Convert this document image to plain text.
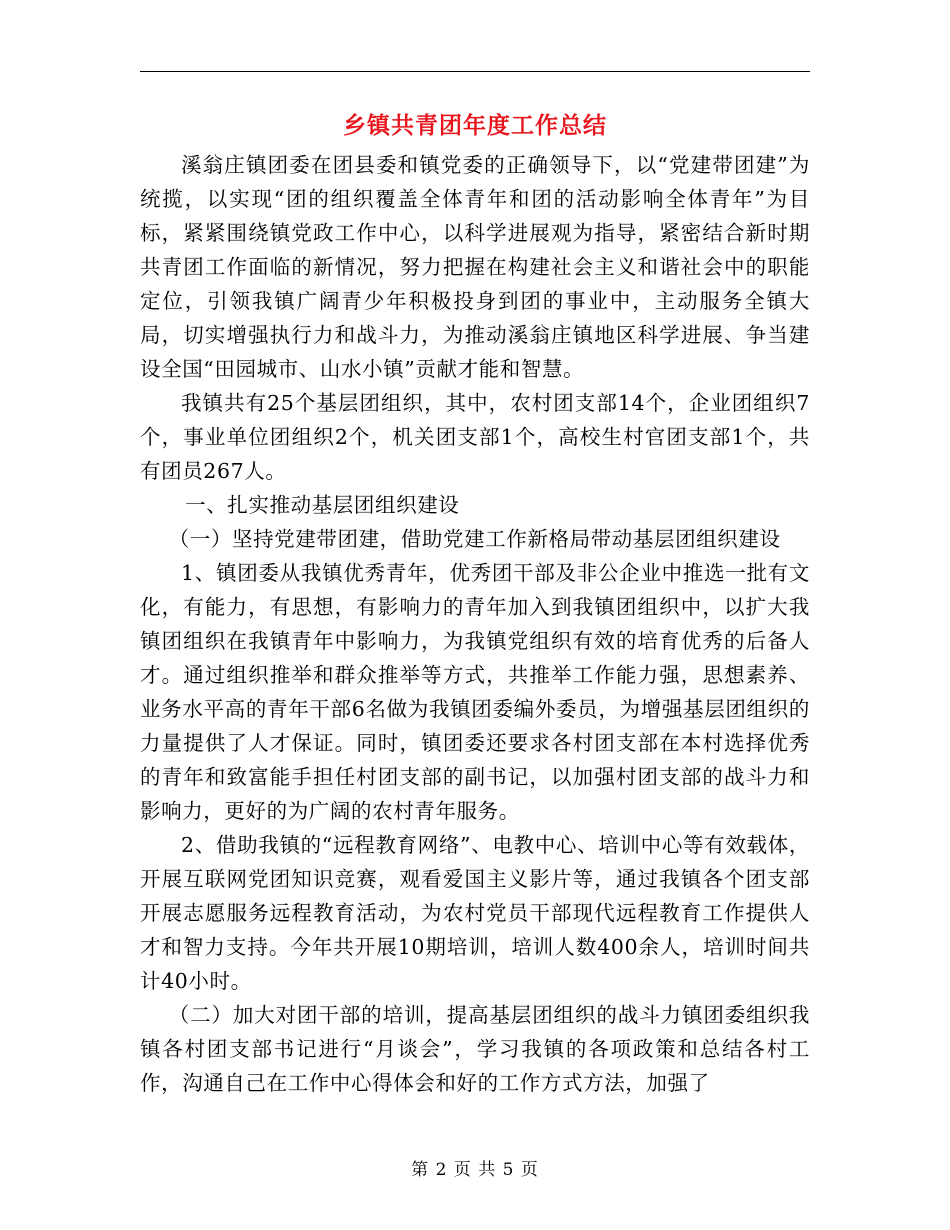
乡镇共青团年度工作总结

溪翁庄镇团委在团县委和镇党委的正确领导下，以“党建带团建”为统揽，以实现“团的组织覆盖全体青年和团的活动影响全体青年”为目标，紧紧围绕镇党政工作中心，以科学进展观为指导，紧密结合新时期共青团工作面临的新情况，努力把握在构建社会主义和谐社会中的职能定位，引领我镇广阔青少年积极投身到团的事业中，主动服务全镇大局，切实增强执行力和战斗力，为推动溪翁庄镇地区科学进展、争当建设全国“田园城市、山水小镇”贡献才能和智慧。

我镇共有25个基层团组织，其中，农村团支部14个，企业团组织7个，事业单位团组织2个，机关团支部1个，高校生村官团支部1个，共有团员267人。

一、扎实推动基层团组织建设

（一）坚持党建带团建，借助党建工作新格局带动基层团组织建设

1、镇团委从我镇优秀青年，优秀团干部及非公企业中推选一批有文化，有能力，有思想，有影响力的青年加入到我镇团组织中，以扩大我镇团组织在我镇青年中影响力，为我镇党组织有效的培育优秀的后备人才。通过组织推举和群众推举等方式，共推举工作能力强，思想素养、业务水平高的青年干部6名做为我镇团委编外委员，为增强基层团组织的力量提供了人才保证。同时，镇团委还要求各村团支部在本村选择优秀的青年和致富能手担任村团支部的副书记，以加强村团支部的战斗力和影响力，更好的为广阔的农村青年服务。

2、借助我镇的“远程教育网络”、电教中心、培训中心等有效载体，开展互联网党团知识竞赛，观看爱国主义影片等，通过我镇各个团支部开展志愿服务远程教育活动，为农村党员干部现代远程教育工作提供人才和智力支持。今年共开展10期培训，培训人数400余人，培训时间共计40小时。

（二）加大对团干部的培训，提高基层团组织的战斗力镇团委组织我镇各村团支部书记进行“月谈会”，学习我镇的各项政策和总结各村工作，沟通自己在工作中心得体会和好的工作方式方法，加强了

第 2 页 共 5 页
